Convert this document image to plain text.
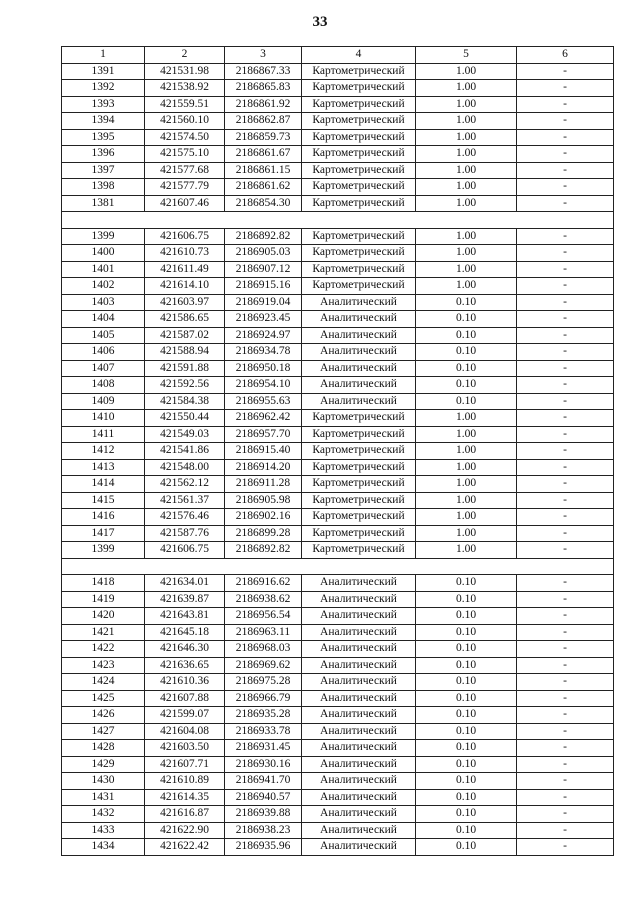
33
1	2	3	4	5	6
1391	421531.98	2186867.33	Картометрический	1.00	-
1392	421538.92	2186865.83	Картометрический	1.00	-
1393	421559.51	2186861.92	Картометрический	1.00	-
1394	421560.10	2186862.87	Картометрический	1.00	-
1395	421574.50	2186859.73	Картометрический	1.00	-
1396	421575.10	2186861.67	Картометрический	1.00	-
1397	421577.68	2186861.15	Картометрический	1.00	-
1398	421577.79	2186861.62	Картометрический	1.00	-
1381	421607.46	2186854.30	Картометрический	1.00	-

1399	421606.75	2186892.82	Картометрический	1.00	-
1400	421610.73	2186905.03	Картометрический	1.00	-
1401	421611.49	2186907.12	Картометрический	1.00	-
1402	421614.10	2186915.16	Картометрический	1.00	-
1403	421603.97	2186919.04	Аналитический	0.10	-
1404	421586.65	2186923.45	Аналитический	0.10	-
1405	421587.02	2186924.97	Аналитический	0.10	-
1406	421588.94	2186934.78	Аналитический	0.10	-
1407	421591.88	2186950.18	Аналитический	0.10	-
1408	421592.56	2186954.10	Аналитический	0.10	-
1409	421584.38	2186955.63	Аналитический	0.10	-
1410	421550.44	2186962.42	Картометрический	1.00	-
1411	421549.03	2186957.70	Картометрический	1.00	-
1412	421541.86	2186915.40	Картометрический	1.00	-
1413	421548.00	2186914.20	Картометрический	1.00	-
1414	421562.12	2186911.28	Картометрический	1.00	-
1415	421561.37	2186905.98	Картометрический	1.00	-
1416	421576.46	2186902.16	Картометрический	1.00	-
1417	421587.76	2186899.28	Картометрический	1.00	-
1399	421606.75	2186892.82	Картометрический	1.00	-

1418	421634.01	2186916.62	Аналитический	0.10	-
1419	421639.87	2186938.62	Аналитический	0.10	-
1420	421643.81	2186956.54	Аналитический	0.10	-
1421	421645.18	2186963.11	Аналитический	0.10	-
1422	421646.30	2186968.03	Аналитический	0.10	-
1423	421636.65	2186969.62	Аналитический	0.10	-
1424	421610.36	2186975.28	Аналитический	0.10	-
1425	421607.88	2186966.79	Аналитический	0.10	-
1426	421599.07	2186935.28	Аналитический	0.10	-
1427	421604.08	2186933.78	Аналитический	0.10	-
1428	421603.50	2186931.45	Аналитический	0.10	-
1429	421607.71	2186930.16	Аналитический	0.10	-
1430	421610.89	2186941.70	Аналитический	0.10	-
1431	421614.35	2186940.57	Аналитический	0.10	-
1432	421616.87	2186939.88	Аналитический	0.10	-
1433	421622.90	2186938.23	Аналитический	0.10	-
1434	421622.42	2186935.96	Аналитический	0.10	-
